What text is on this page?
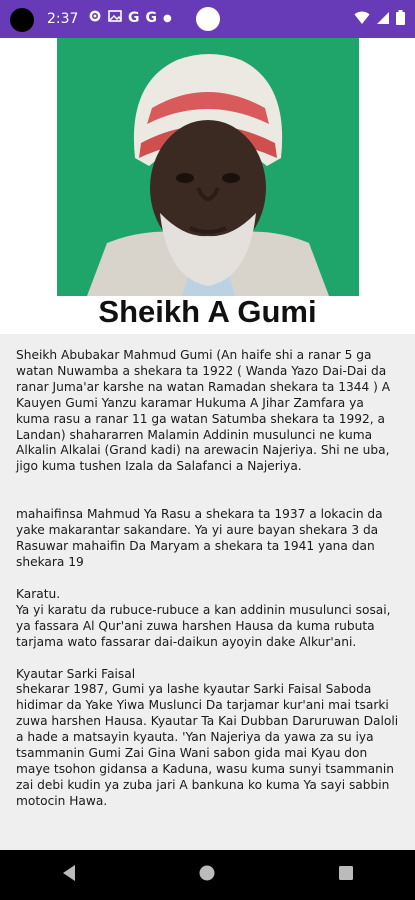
2:37	G G ●
Sheikh A Gumi

Sheikh Abubakar Mahmud Gumi (An haife shi a ranar 5 ga watan Nuwamba a shekara ta 1922 ( Wanda Yazo Dai-Dai da ranar Juma'ar karshe na watan Ramadan shekara ta 1344 ) A Kauyen Gumi Yanzu karamar Hukuma A Jihar Zamfara ya kuma rasu a ranar 11 ga watan Satumba shekara ta 1992, a Landan) shahararren Malamin Addinin musulunci ne kuma Alkalin Alkalai (Grand kadi) na arewacin Najeriya. Shi ne uba, jigo kuma tushen Izala da Salafanci a Najeriya.

mahaifinsa Mahmud Ya Rasu a shekara ta 1937 a lokacin da yake makarantar sakandare. Ya yi aure bayan shekara 3 da Rasuwar mahaifin Da Maryam a shekara ta 1941 yana dan shekara 19

Karatu.

Ya yi karatu da rubuce-rubuce a kan addinin musulunci sosai, ya fassara Al Qur'ani zuwa harshen Hausa da kuma rubuta tarjama wato fassarar dai-daikun ayoyin dake Alkur'ani.

Kyautar Sarki Faisal

shekarar 1987, Gumi ya lashe kyautar Sarki Faisal Saboda hidimar da Yake Yiwa Muslunci Da tarjamar kur'ani mai tsarki zuwa harshen Hausa. Kyautar Ta Kai Dubban Daruruwan Daloli a hade a matsayin kyauta. 'Yan Najeriya da yawa za su iya tsammanin Gumi Zai Gina Wani sabon gida mai Kyau don maye tsohon gidansa a Kaduna, wasu kuma sunyi tsammanin zai debi kudin ya zuba jari A bankuna ko kuma Ya sayi sabbin motocin Hawa.
